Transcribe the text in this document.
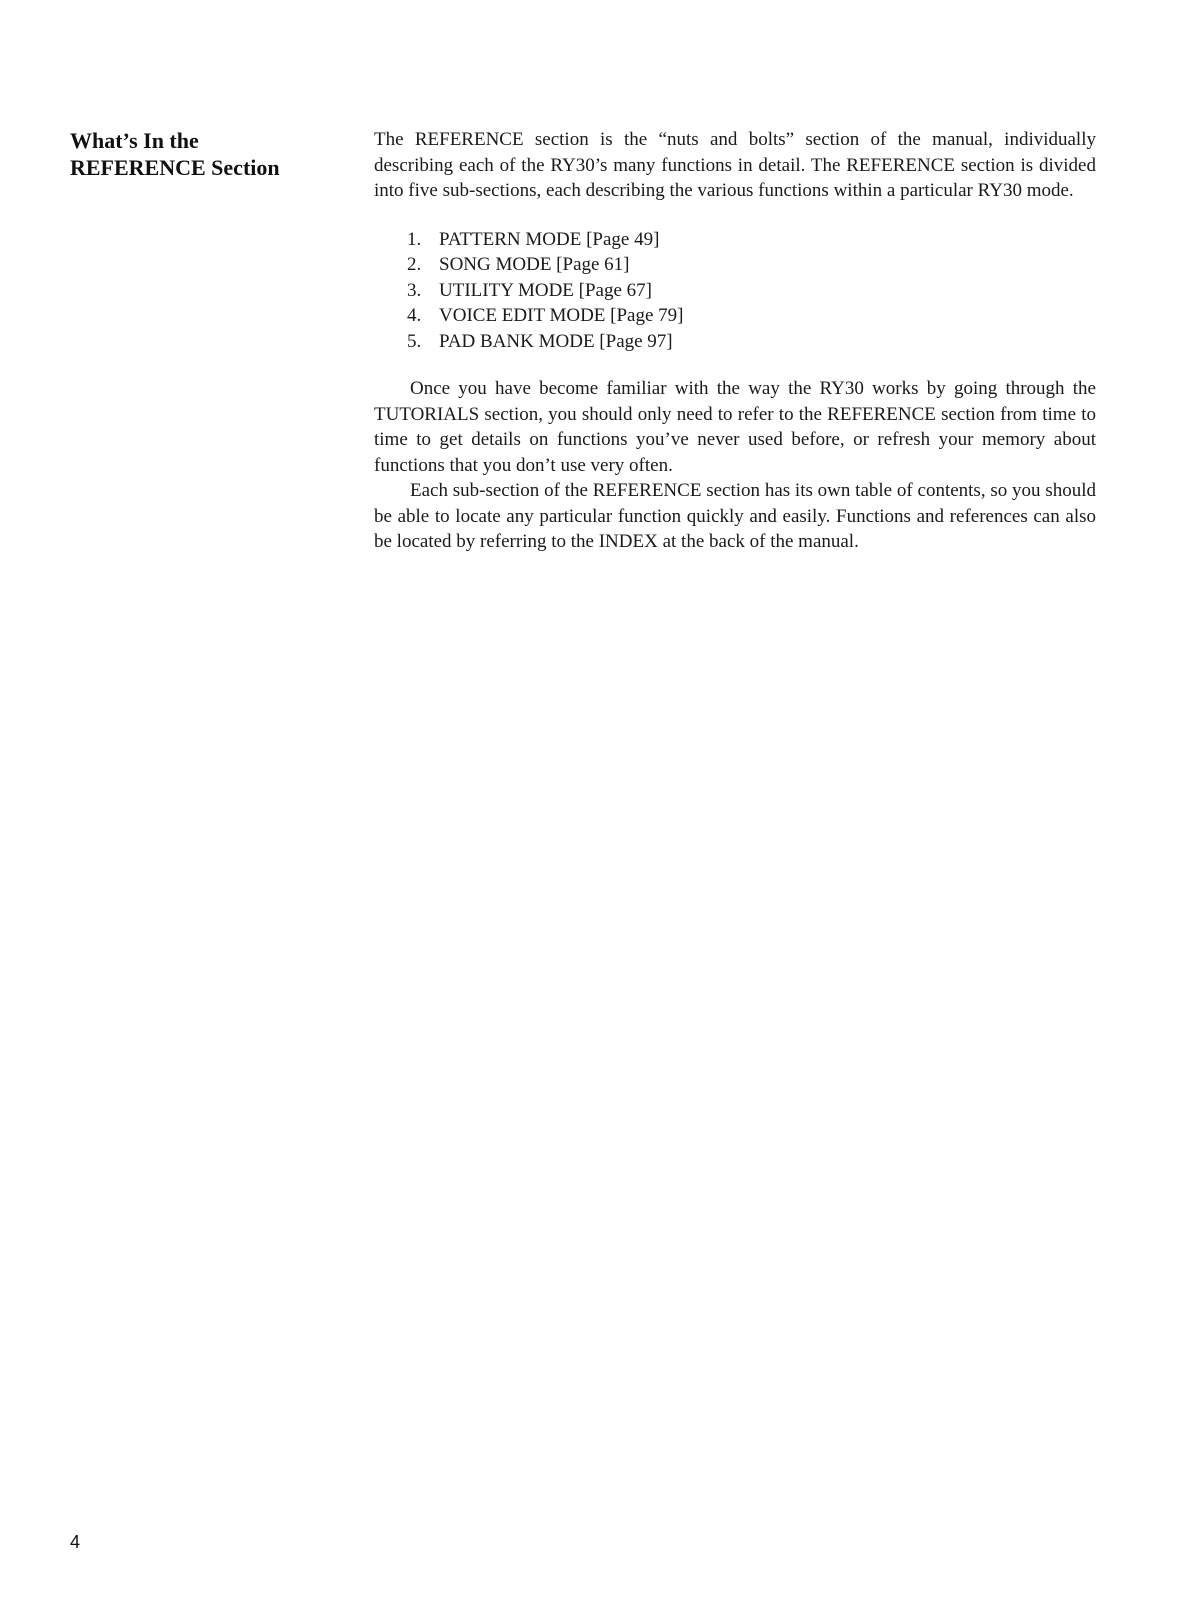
What’s In the
REFERENCE Section

The REFERENCE section is the “nuts and bolts” section of the manual, individually describing each of the RY30’s many functions in detail. The REFERENCE section is divided into five sub-sections, each describing the various functions within a particular RY30 mode.

1. PATTERN MODE [Page 49]
2. SONG MODE [Page 61]
3. UTILITY MODE [Page 67]
4. VOICE EDIT MODE [Page 79]
5. PAD BANK MODE [Page 97]

Once you have become familiar with the way the RY30 works by going through the TUTORIALS section, you should only need to refer to the REFERENCE section from time to time to get details on functions you’ve never used before, or refresh your memory about functions that you don’t use very often.

Each sub-section of the REFERENCE section has its own table of contents, so you should be able to locate any particular function quickly and easily. Functions and references can also be located by referring to the INDEX at the back of the manual.

4
